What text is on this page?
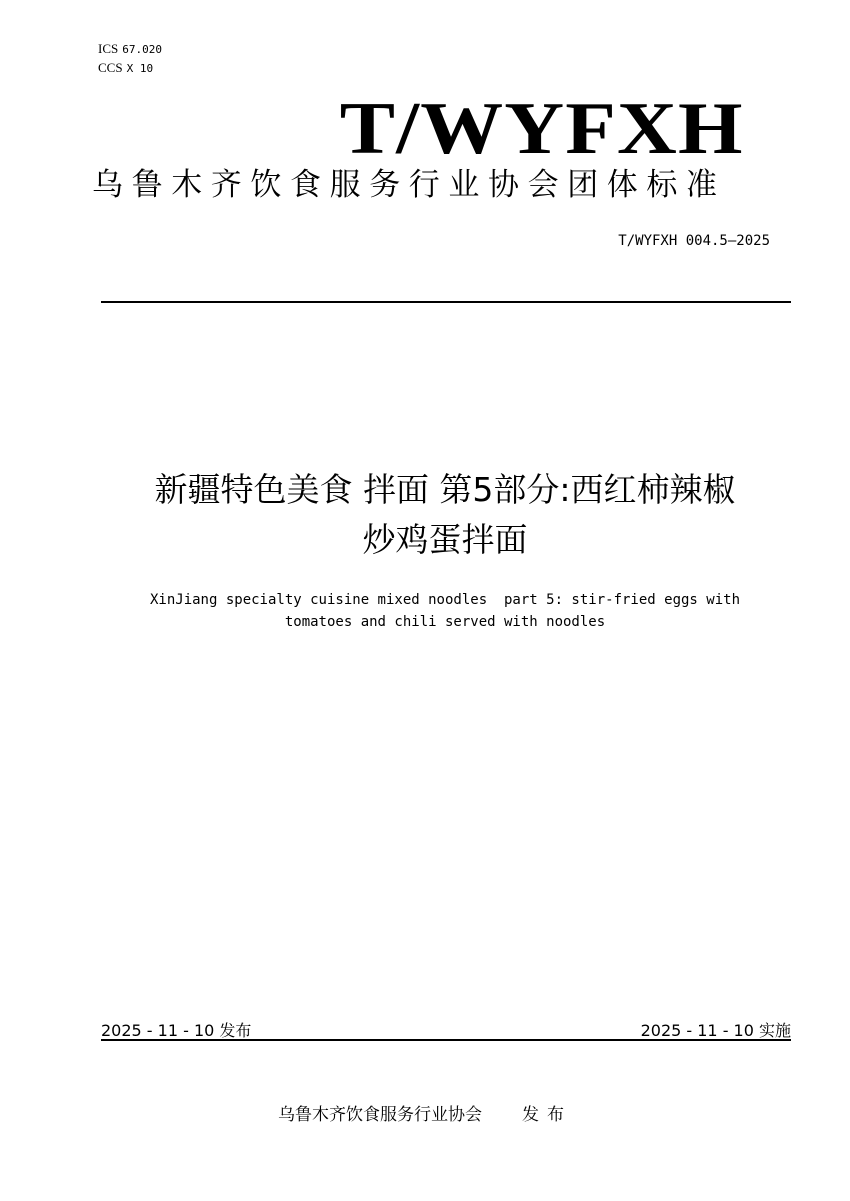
ICS 67.020
CCS X 10
T/WYFXH
乌鲁木齐饮食服务行业协会团体标准
T/WYFXH 004.5—2025
新疆特色美食 拌面 第5部分:西红柿辣椒
炒鸡蛋拌面
XinJiang specialty cuisine mixed noodles  part 5: stir-fried eggs with
tomatoes and chili served with noodles
2025 - 11 - 10 发布	2025 - 11 - 10 实施
乌鲁木齐饮食服务行业协会 发布
